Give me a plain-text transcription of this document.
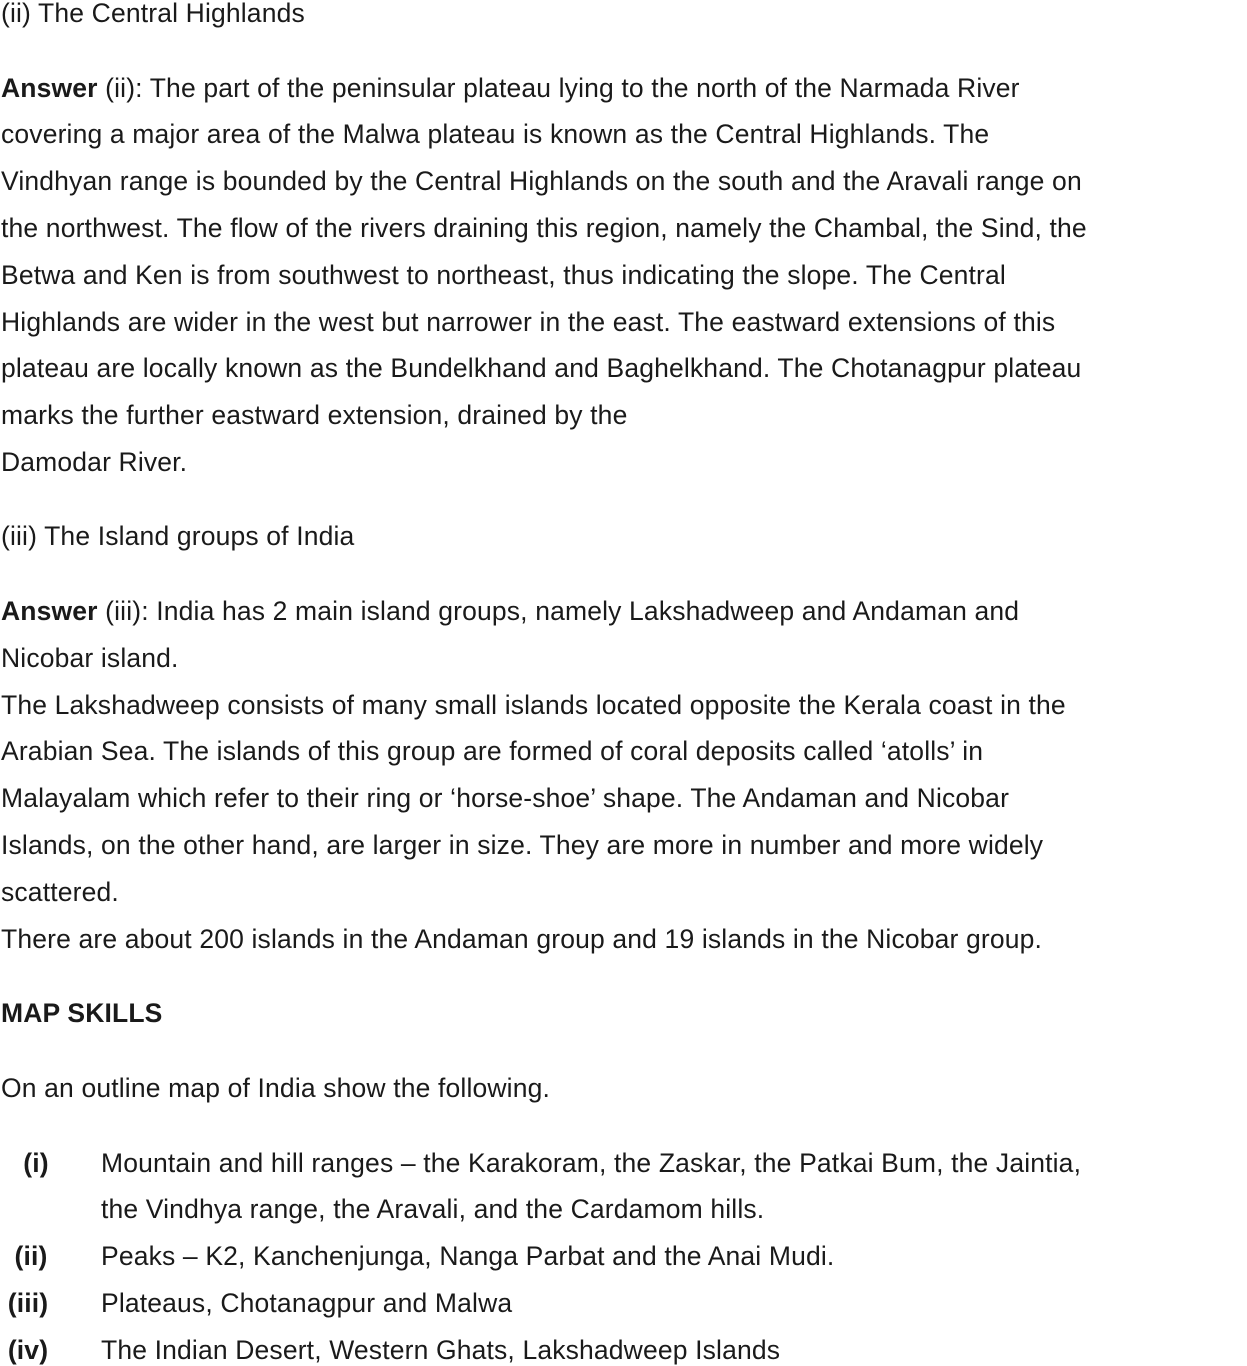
(ii) The Central Highlands
Answer (ii): The part of the peninsular plateau lying to the north of the Narmada River
covering a major area of the Malwa plateau is known as the Central Highlands. The
Vindhyan range is bounded by the Central Highlands on the south and the Aravali range on
the northwest. The flow of the rivers draining this region, namely the Chambal, the Sind, the
Betwa and Ken is from southwest to northeast, thus indicating the slope. The Central
Highlands are wider in the west but narrower in the east. The eastward extensions of this
plateau are locally known as the Bundelkhand and Baghelkhand. The Chotanagpur plateau
marks the further eastward extension, drained by the
Damodar River.
(iii) The Island groups of India
Answer (iii): India has 2 main island groups, namely Lakshadweep and Andaman and
Nicobar island.
The Lakshadweep consists of many small islands located opposite the Kerala coast in the
Arabian Sea. The islands of this group are formed of coral deposits called ‘atolls’ in
Malayalam which refer to their ring or ‘horse-shoe’ shape. The Andaman and Nicobar
Islands, on the other hand, are larger in size. They are more in number and more widely
scattered.
There are about 200 islands in the Andaman group and 19 islands in the Nicobar group.
MAP SKILLS
On an outline map of India show the following.
(i)	Mountain and hill ranges – the Karakoram, the Zaskar, the Patkai Bum, the Jaintia,
the Vindhya range, the Aravali, and the Cardamom hills.
(ii)	Peaks – K2, Kanchenjunga, Nanga Parbat and the Anai Mudi.
(iii) Plateaus, Chotanagpur and Malwa
(iv) The Indian Desert, Western Ghats, Lakshadweep Islands
